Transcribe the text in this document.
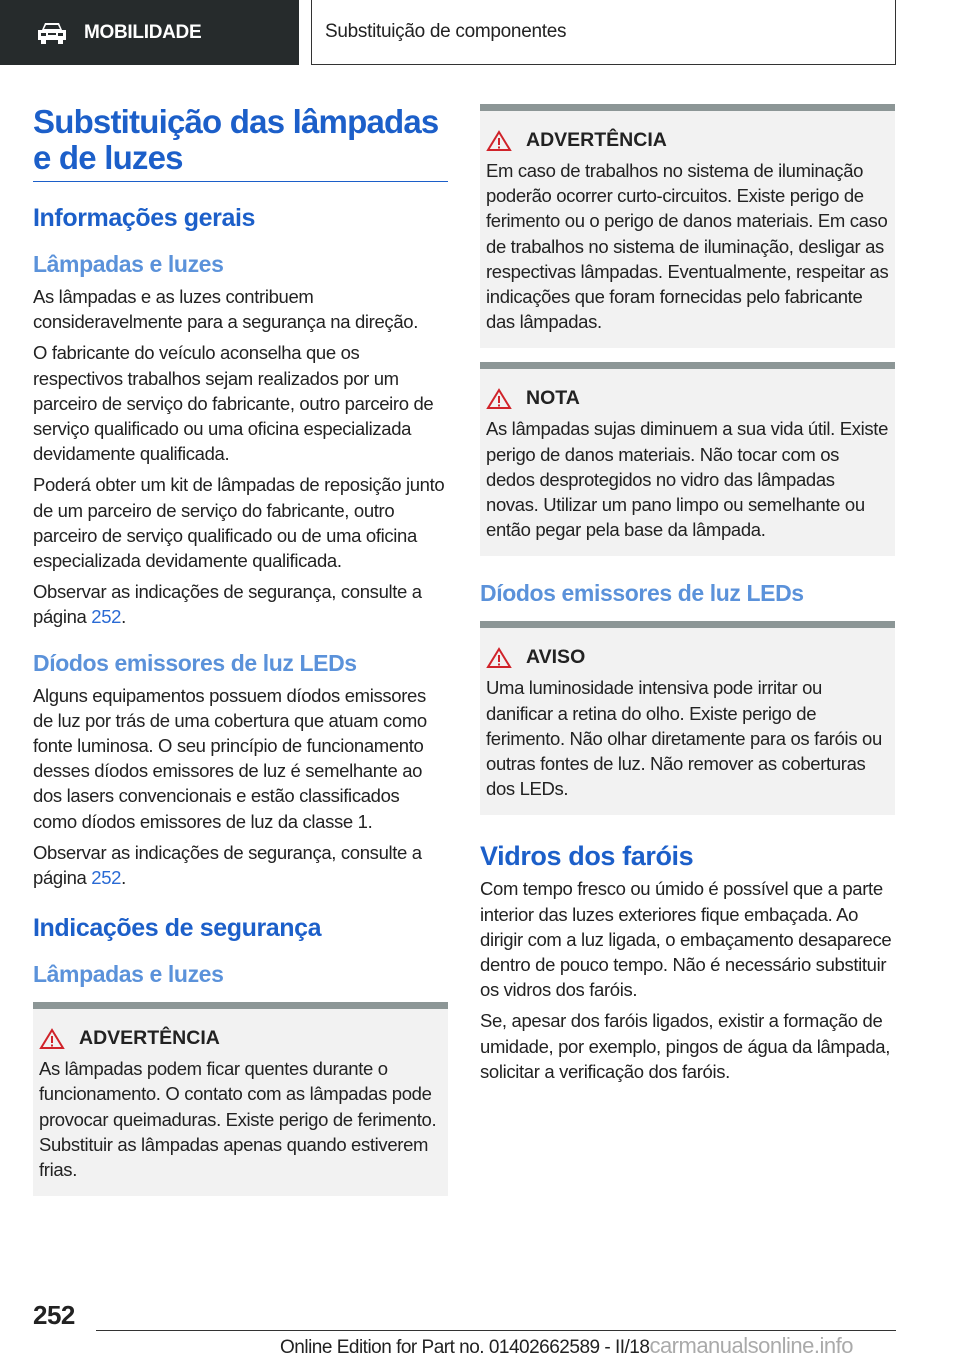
MOBILIDADE	Substituição de componentes
Substituição das lâmpadas e de luzes
Informações gerais
Lâmpadas e luzes

As lâmpadas e as luzes contribuem consideravelmente para a segurança na direção.

O fabricante do veículo aconselha que os respectivos trabalhos sejam realizados por um parceiro de serviço do fabricante, outro parceiro de serviço qualificado ou uma oficina especializada devidamente qualificada.

Poderá obter um kit de lâmpadas de reposição junto de um parceiro de serviço do fabricante, outro parceiro de serviço qualificado ou de uma oficina especializada devidamente qualificada.

Observar as indicações de segurança, consulte a página 252.

Díodos emissores de luz LEDs

Alguns equipamentos possuem díodos emissores de luz por trás de uma cobertura que atuam como fonte luminosa. O seu princípio de funcionamento desses díodos emissores de luz é semelhante ao dos lasers convencionais e estão classificados como díodos emissores de luz da classe 1.

Observar as indicações de segurança, consulte a página 252.

Indicações de segurança
Lâmpadas e luzes
ADVERTÊNCIA

As lâmpadas podem ficar quentes durante o funcionamento. O contato com as lâmpadas pode provocar queimaduras. Existe perigo de ferimento. Substituir as lâmpadas apenas quando estiverem frias.

ADVERTÊNCIA

Em caso de trabalhos no sistema de iluminação poderão ocorrer curto-circuitos. Existe perigo de ferimento ou o perigo de danos materiais. Em caso de trabalhos no sistema de iluminação, desligar as respectivas lâmpadas. Eventualmente, respeitar as indicações que foram fornecidas pelo fabricante das lâmpadas.

NOTA

As lâmpadas sujas diminuem a sua vida útil. Existe perigo de danos materiais. Não tocar com os dedos desprotegidos no vidro das lâmpadas novas. Utilizar um pano limpo ou semelhante ou então pegar pela base da lâmpada.

Díodos emissores de luz LEDs
AVISO

Uma luminosidade intensiva pode irritar ou danificar a retina do olho. Existe perigo de ferimento. Não olhar diretamente para os faróis ou outras fontes de luz. Não remover as coberturas dos LEDs.

Vidros dos faróis

Com tempo fresco ou úmido é possível que a parte interior das luzes exteriores fique embaçada. Ao dirigir com a luz ligada, o embaçamento desaparece dentro de pouco tempo. Não é necessário substituir os vidros dos faróis.

Se, apesar dos faróis ligados, existir a formação de umidade, por exemplo, pingos de água da lâmpada, solicitar a verificação dos faróis.

252
Online Edition for Part no. 01402662589 - II/18carmanualsonline.info
